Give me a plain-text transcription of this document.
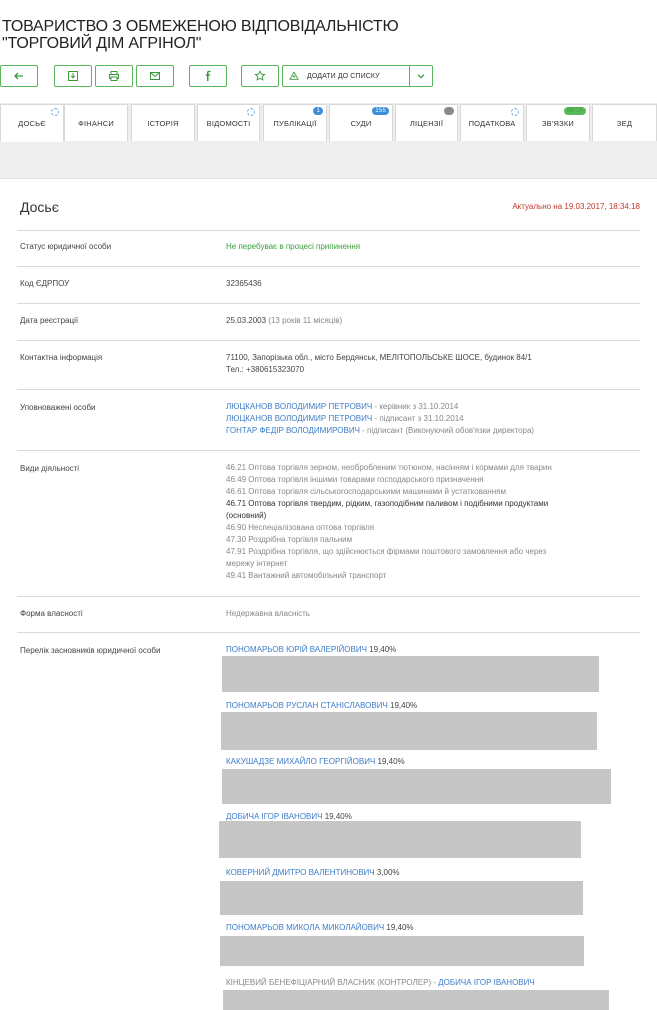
ТОВАРИСТВО З ОБМЕЖЕНОЮ ВІДПОВІДАЛЬНІСТЮ "ТОРГОВИЙ ДІМ АГРІНОЛ"
ДОДАТИ ДО СПИСКУ
ДОСЬЄ	ФІНАНСИ	ІСТОРІЯ	ВІДОМОСТІ	ПУБЛІКАЦІЇ
1
СУДИ
155
ЛІЦЕНЗІЇ
0
ПОДАТКОВА	ЗВ'ЯЗКИ
BETA
ЗЕД
Досьє	Актуально на 19.03.2017, 18:34:18
Статус юридичної особи	Не перебуває в процесі припинення
Код ЄДРПОУ	32365436
Дата реєстрації	25.03.2003 (13 років 11 місяців)
Контактна інформація	71100, Запорізька обл., місто Бердянськ, МЕЛІТОПОЛЬСЬКЕ ШОСЕ, будинок 84/1
Тел.: +380615323070
Уповноважені особи	ЛЮЦКАНОВ ВОЛОДИМИР ПЕТРОВИЧ - керівник з 31.10.2014
ЛЮЦКАНОВ ВОЛОДИМИР ПЕТРОВИЧ - підписант з 31.10.2014
ГОНТАР ФЕДІР ВОЛОДИМИРОВИЧ - підписант (Виконуючий обов'язки директора)
Види діяльності	46.21 Оптова торгівля зерном, необробленим тютюном, насінням і кормами для тварин
46.49 Оптова торгівля іншими товарами господарського призначення
46.61 Оптова торгівля сільськогосподарськими машинами й устаткованням
46.71 Оптова торгівля твердим, рідким, газоподібним паливом і подібними продуктами
(основний)
46.90 Неспеціалізована оптова торгівля
47.30 Роздрібна торгівля пальним
47.91 Роздрібна торгівля, що здійснюється фірмами поштового замовлення або через
мережу інтернет
49.41 Вантажний автомобільний транспорт
Форма власності	Недержавна власність
Перелік засновників юридичної особи	ПОНОМАРЬОВ ЮРІЙ ВАЛЕРІЙОВИЧ 19,40%
ПОНОМАРЬОВ РУСЛАН СТАНІСЛАВОВИЧ 19,40%
КАКУШАДЗЕ МИХАЙЛО ГЕОРГІЙОВИЧ 19,40%
ДОБИЧА ІГОР ІВАНОВИЧ 19,40%
КОВЕРНИЙ ДМИТРО ВАЛЕНТИНОВИЧ 3,00%
ПОНОМАРЬОВ МИКОЛА МИКОЛАЙОВИЧ 19,40%
КІНЦЕВИЙ БЕНЕФІЦІАРНИЙ ВЛАСНИК (КОНТРОЛЕР) - ДОБИЧА ІГОР ІВАНОВИЧ
